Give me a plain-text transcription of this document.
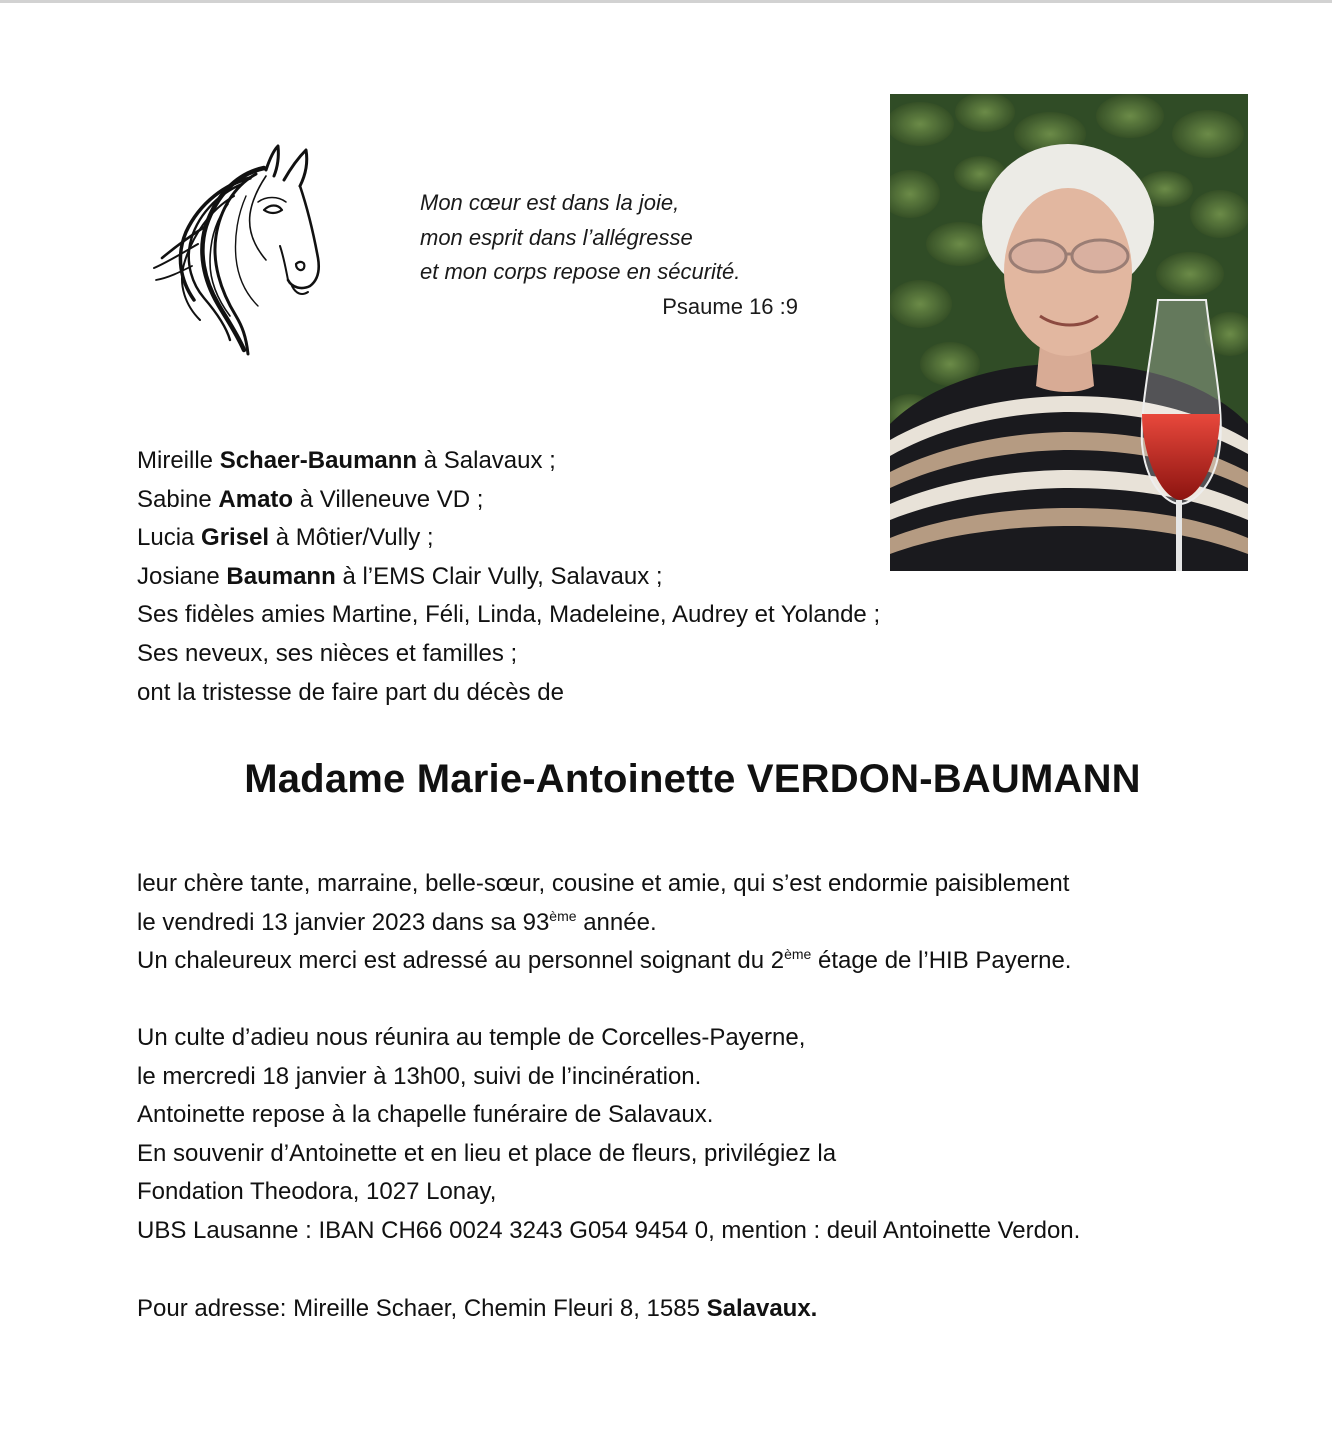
Mon cœur est dans la joie,
mon esprit dans l’allégresse
et mon corps repose en sécurité.
Psaume 16 :9
Mireille Schaer-Baumann à Salavaux ;
Sabine Amato à Villeneuve VD ;
Lucia Grisel à Môtier/Vully ;
Josiane Baumann à l’EMS Clair Vully, Salavaux ;
Ses fidèles amies Martine, Féli, Linda, Madeleine, Audrey et Yolande ;
Ses neveux, ses nièces et familles ;
ont la tristesse de faire part du décès de
Madame Marie-Antoinette VERDON-BAUMANN
leur chère tante, marraine, belle-sœur, cousine et amie, qui s’est endormie paisiblement
le vendredi 13 janvier 2023 dans sa 93ème année.
Un chaleureux merci est adressé au personnel soignant du 2ème étage de l’HIB Payerne.
Un culte d’adieu nous réunira au temple de Corcelles-Payerne,
le mercredi 18 janvier à 13h00, suivi de l’incinération.
Antoinette repose à la chapelle funéraire de Salavaux.
En souvenir d’Antoinette et en lieu et place de fleurs, privilégiez la
Fondation Theodora, 1027 Lonay,
UBS Lausanne : IBAN CH66 0024 3243 G054 9454 0, mention : deuil Antoinette Verdon.
Pour adresse: Mireille Schaer, Chemin Fleuri 8, 1585 Salavaux.
